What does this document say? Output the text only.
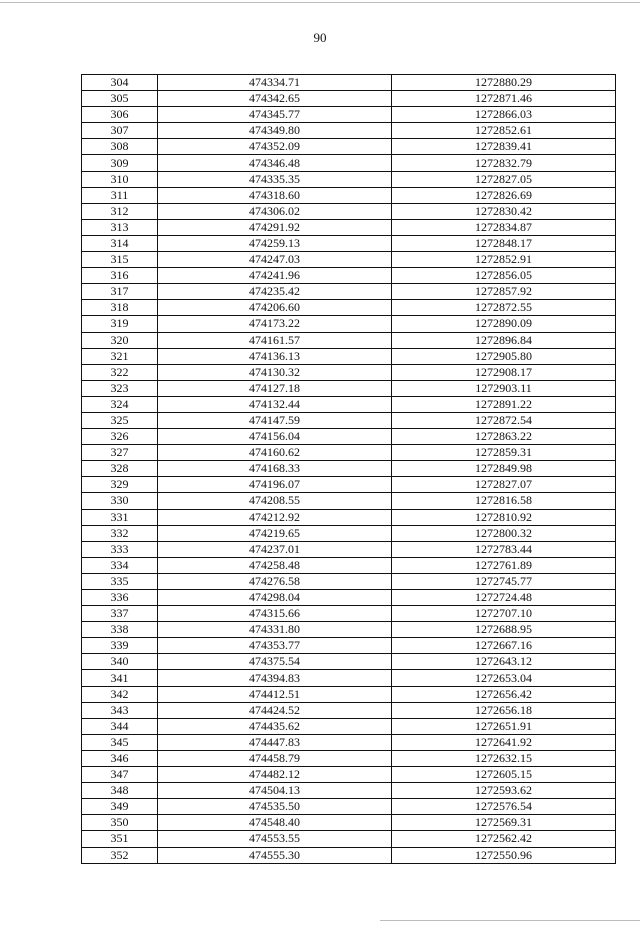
90
304	474334.71	1272880.29
305	474342.65	1272871.46
306	474345.77	1272866.03
307	474349.80	1272852.61
308	474352.09	1272839.41
309	474346.48	1272832.79
310	474335.35	1272827.05
311	474318.60	1272826.69
312	474306.02	1272830.42
313	474291.92	1272834.87
314	474259.13	1272848.17
315	474247.03	1272852.91
316	474241.96	1272856.05
317	474235.42	1272857.92
318	474206.60	1272872.55
319	474173.22	1272890.09
320	474161.57	1272896.84
321	474136.13	1272905.80
322	474130.32	1272908.17
323	474127.18	1272903.11
324	474132.44	1272891.22
325	474147.59	1272872.54
326	474156.04	1272863.22
327	474160.62	1272859.31
328	474168.33	1272849.98
329	474196.07	1272827.07
330	474208.55	1272816.58
331	474212.92	1272810.92
332	474219.65	1272800.32
333	474237.01	1272783.44
334	474258.48	1272761.89
335	474276.58	1272745.77
336	474298.04	1272724.48
337	474315.66	1272707.10
338	474331.80	1272688.95
339	474353.77	1272667.16
340	474375.54	1272643.12
341	474394.83	1272653.04
342	474412.51	1272656.42
343	474424.52	1272656.18
344	474435.62	1272651.91
345	474447.83	1272641.92
346	474458.79	1272632.15
347	474482.12	1272605.15
348	474504.13	1272593.62
349	474535.50	1272576.54
350	474548.40	1272569.31
351	474553.55	1272562.42
352	474555.30	1272550.96
